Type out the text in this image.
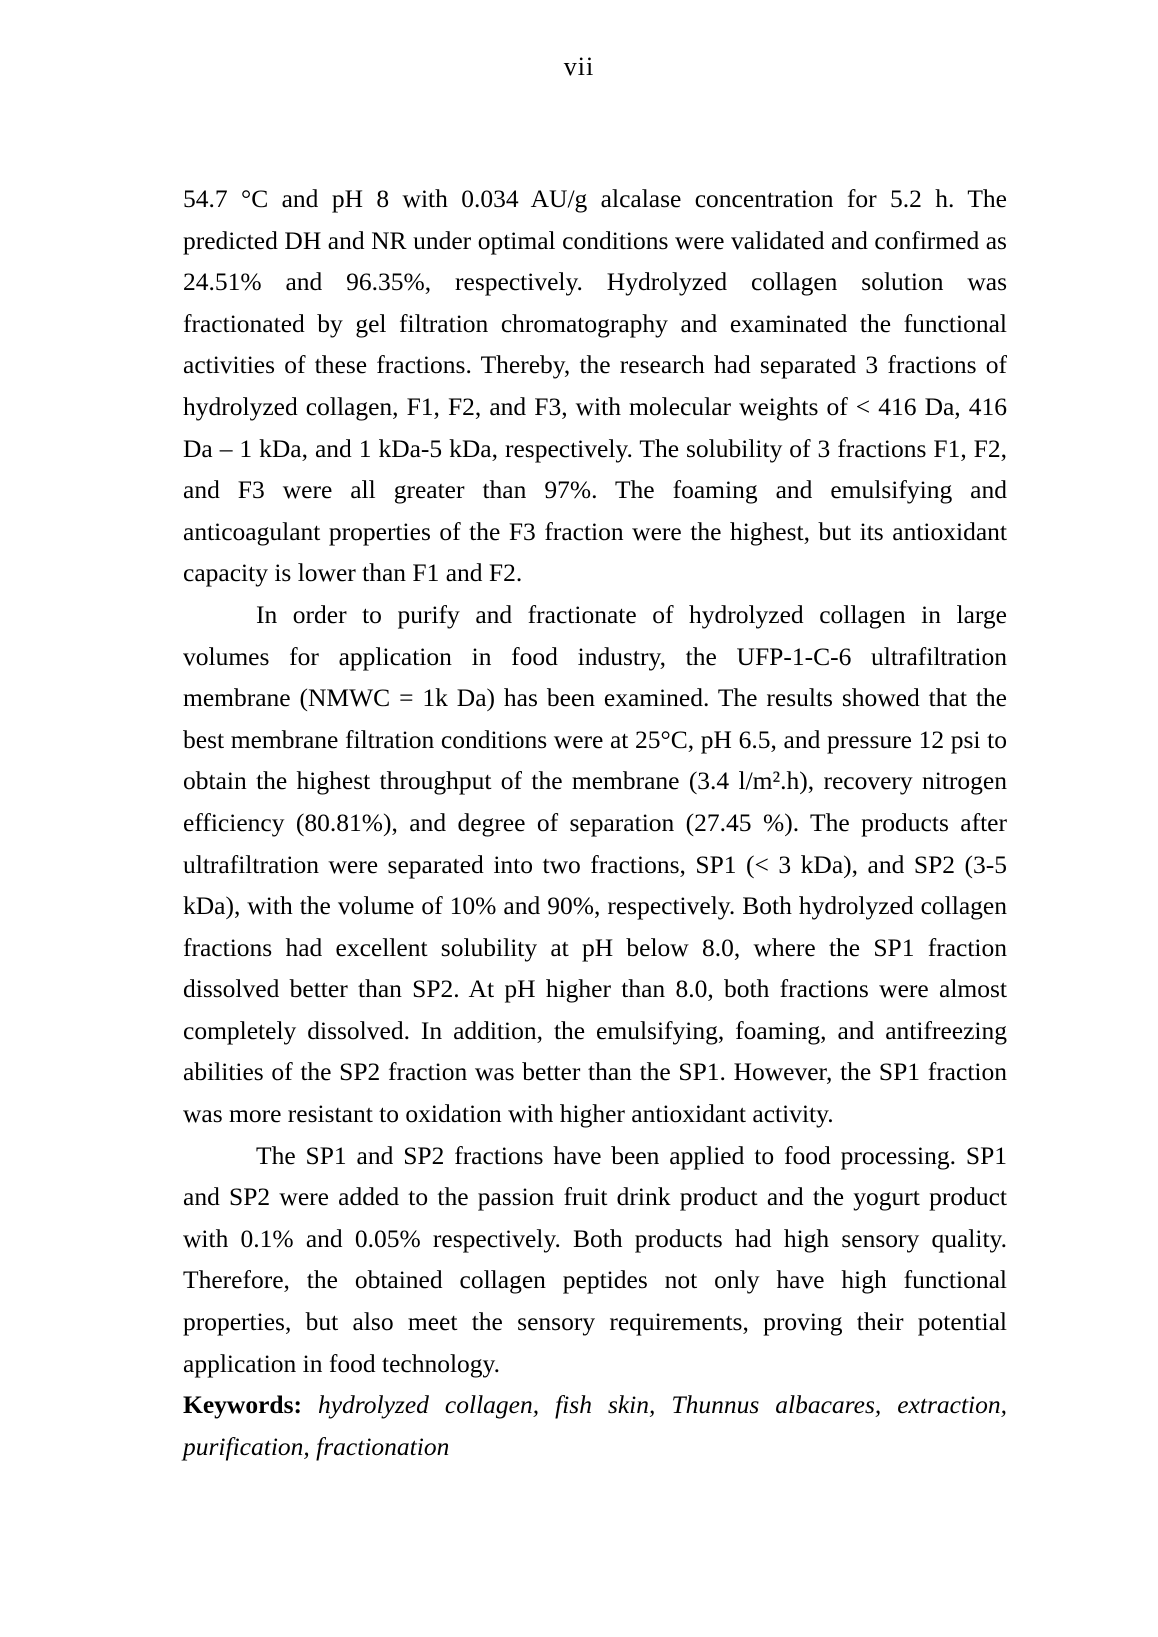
vii

54.7 °C and pH 8 with 0.034 AU/g alcalase concentration for 5.2 h. The predicted DH and NR under optimal conditions were validated and confirmed as 24.51% and 96.35%, respectively. Hydrolyzed collagen solution was fractionated by gel filtration chromatography and examinated the functional activities of these fractions. Thereby, the research had separated 3 fractions of hydrolyzed collagen, F1, F2, and F3, with molecular weights of < 416 Da, 416 Da – 1 kDa, and 1 kDa-5 kDa, respectively. The solubility of 3 fractions F1, F2, and F3 were all greater than 97%. The foaming and emulsifying and anticoagulant properties of the F3 fraction were the highest, but its antioxidant capacity is lower than F1 and F2.

In order to purify and fractionate of hydrolyzed collagen in large volumes for application in food industry, the UFP-1-C-6 ultrafiltration membrane (NMWC = 1k Da) has been examined. The results showed that the best membrane filtration conditions were at 25°C, pH 6.5, and pressure 12 psi to obtain the highest throughput of the membrane (3.4 l/m².h), recovery nitrogen efficiency (80.81%), and degree of separation (27.45 %). The products after ultrafiltration were separated into two fractions, SP1 (< 3 kDa), and SP2 (3-5 kDa), with the volume of 10% and 90%, respectively. Both hydrolyzed collagen fractions had excellent solubility at pH below 8.0, where the SP1 fraction dissolved better than SP2. At pH higher than 8.0, both fractions were almost completely dissolved. In addition, the emulsifying, foaming, and antifreezing abilities of the SP2 fraction was better than the SP1. However, the SP1 fraction was more resistant to oxidation with higher antioxidant activity.

The SP1 and SP2 fractions have been applied to food processing. SP1 and SP2 were added to the passion fruit drink product and the yogurt product with 0.1% and 0.05% respectively. Both products had high sensory quality. Therefore, the obtained collagen peptides not only have high functional properties, but also meet the sensory requirements, proving their potential application in food technology.

Keywords: hydrolyzed collagen, fish skin, Thunnus albacares, extraction, purification, fractionation
